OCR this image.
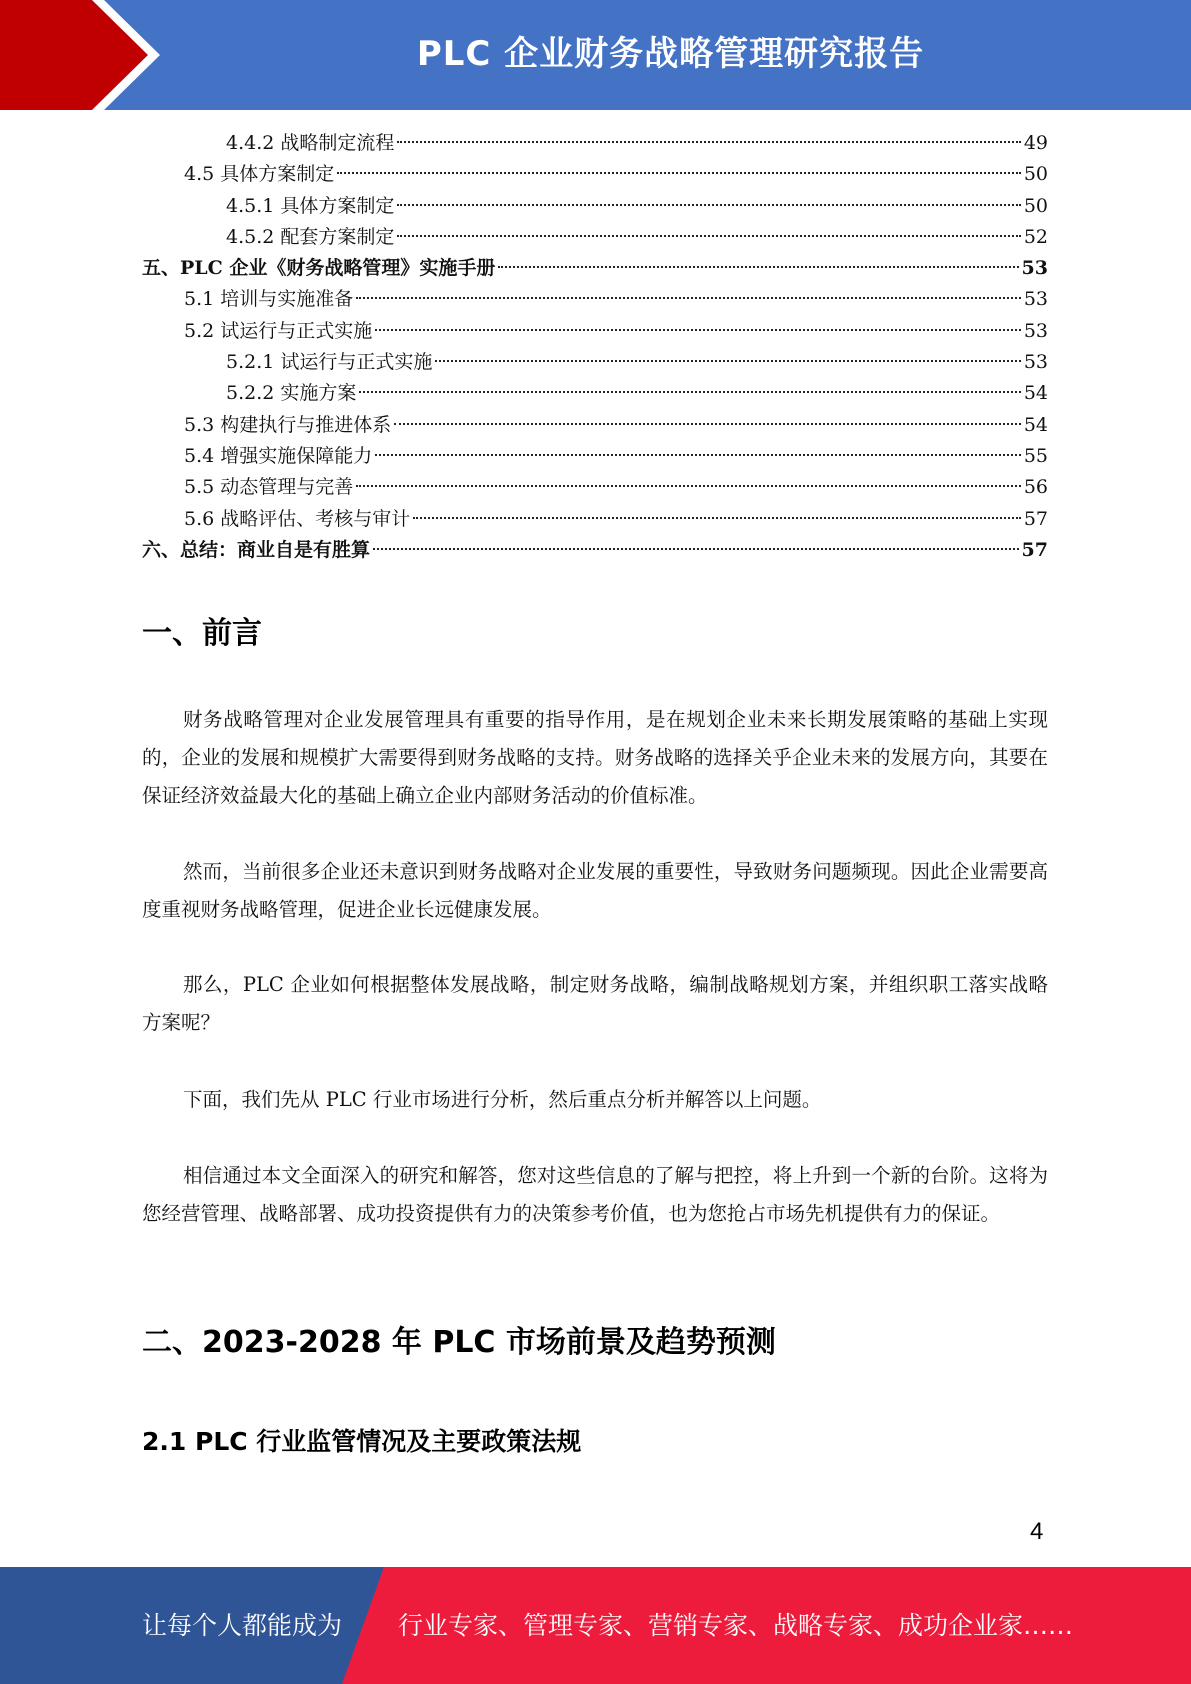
PLC 企业财务战略管理研究报告
4.4.2 战略制定流程	49
4.5 具体方案制定	50
4.5.1 具体方案制定	50
4.5.2 配套方案制定	52
五、PLC 企业《财务战略管理》实施手册	53
5.1 培训与实施准备	53
5.2 试运行与正式实施	53
5.2.1 试运行与正式实施	53
5.2.2 实施方案	54
5.3 构建执行与推进体系	54
5.4 增强实施保障能力	55
5.5 动态管理与完善	56
5.6 战略评估、考核与审计	57
六、总结：商业自是有胜算	57
一、前言
财务战略管理对企业发展管理具有重要的指导作用，是在规划企业未来长期发展策略的基础上实现的，企业的发展和规模扩大需要得到财务战略的支持。财务战略的选择关乎企业未来的发展方向，其要在保证经济效益最大化的基础上确立企业内部财务活动的价值标准。
然而，当前很多企业还未意识到财务战略对企业发展的重要性，导致财务问题频现。因此企业需要高度重视财务战略管理，促进企业长远健康发展。
那么，PLC 企业如何根据整体发展战略，制定财务战略，编制战略规划方案，并组织职工落实战略方案呢？
下面，我们先从 PLC 行业市场进行分析，然后重点分析并解答以上问题。
相信通过本文全面深入的研究和解答，您对这些信息的了解与把控，将上升到一个新的台阶。这将为您经营管理、战略部署、成功投资提供有力的决策参考价值，也为您抢占市场先机提供有力的保证。
二、2023-2028 年 PLC 市场前景及趋势预测
2.1 PLC 行业监管情况及主要政策法规
4
让每个人都能成为 行业专家、管理专家、营销专家、战略专家、成功企业家……
